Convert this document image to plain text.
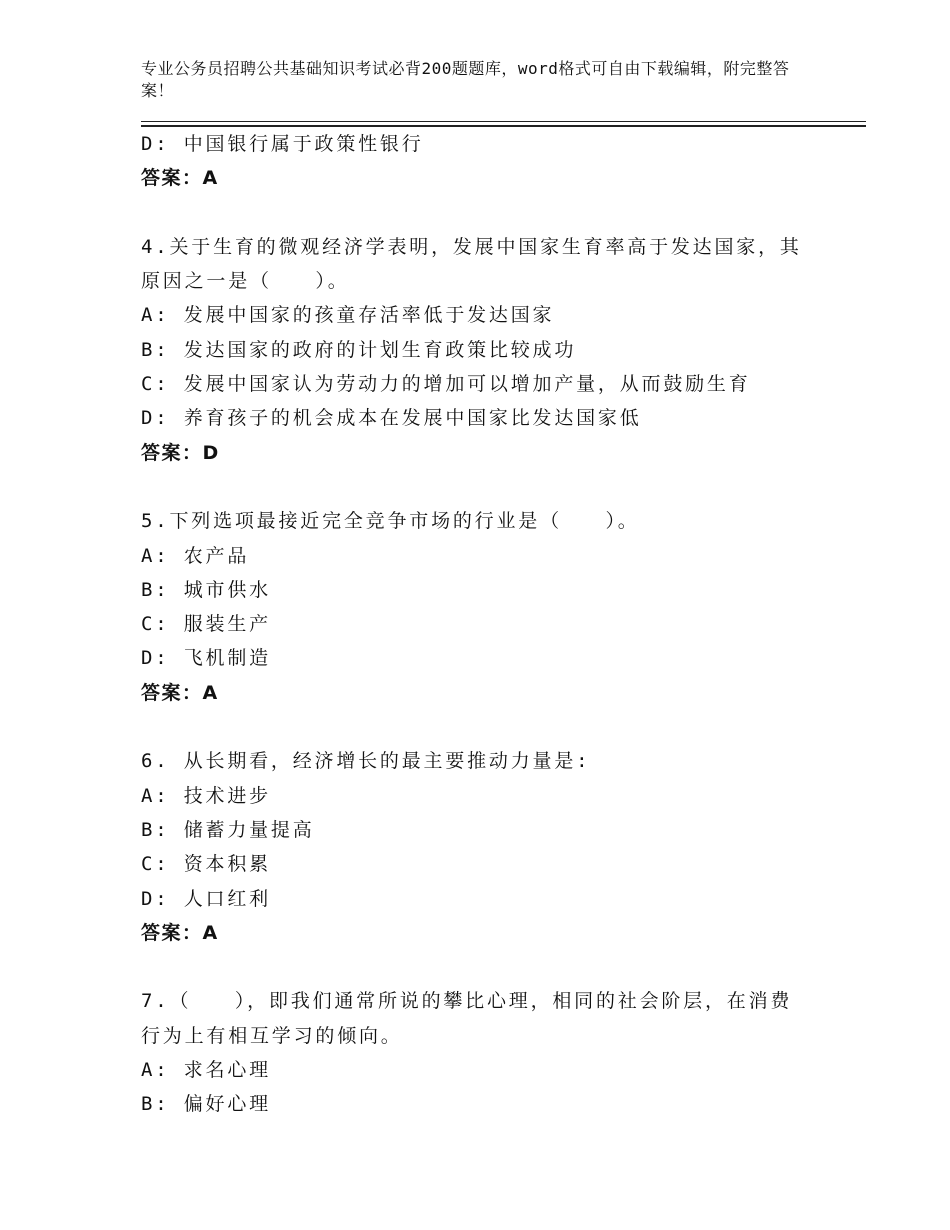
专业公务员招聘公共基础知识考试必背200题题库，word格式可自由下载编辑，附完整答案！
D: 中国银行属于政策性银行
答案：A
4.关于生育的微观经济学表明，发展中国家生育率高于发达国家，其
原因之一是（　　）。
A: 发展中国家的孩童存活率低于发达国家
B: 发达国家的政府的计划生育政策比较成功
C: 发展中国家认为劳动力的增加可以增加产量，从而鼓励生育
D: 养育孩子的机会成本在发展中国家比发达国家低
答案：D
5.下列选项最接近完全竞争市场的行业是（　　）。
A: 农产品
B: 城市供水
C: 服装生产
D: 飞机制造
答案：A
6. 从长期看，经济增长的最主要推动力量是:
A: 技术进步
B: 储蓄力量提高
C: 资本积累
D: 人口红利
答案：A
7.（　　），即我们通常所说的攀比心理，相同的社会阶层，在消费
行为上有相互学习的倾向。
A: 求名心理
B: 偏好心理
